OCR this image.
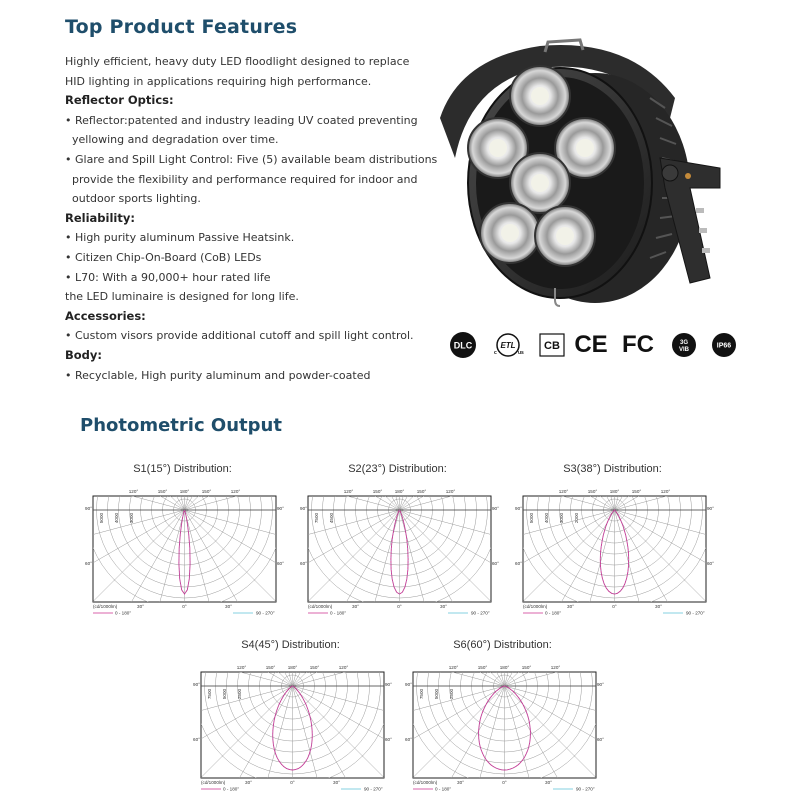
Top Product Features
Highly efficient, heavy duty LED floodlight designed to replace
HID lighting in applications requiring high performance.
Reflector Optics:
• Reflector:patented and industry leading UV coated preventing
yellowing and degradation over time.
• Glare and Spill Light Control: Five (5) available beam distributions
provide the flexibility and performance required for indoor and
outdoor sports lighting.
Reliability:
• High purity aluminum Passive Heatsink.
• Citizen Chip-On-Board (CoB) LEDs
• L70: With a 90,000+ hour rated life
the LED luminaire is designed for long life.
Accessories:
• Custom visors provide additional cutoff and spill light control.
Body:
• Recyclable, High purity aluminum and powder-coated
DLC	ETL
c	us
CB CE FC	3G
VIB
IP66
Photometric Output
S1(15°) Distribution:
120°	150°	180°	150°	120°
5000 4000 3000
90°
60°
90°
60°
30°	0°	30°
(cd/1000lm)
0 - 180°	90 - 270°
S2(23°) Distribution:
120°	150°	180°	150°	120°
7500 4500
90°
60°
90°
60°
30°	0°	30°
(cd/1000lm)
0 - 180°	90 - 270°
S3(38°) Distribution:
120°	150°	180°	150°	120°
5000 4000 3000 2000
90°
60°
90°
60°
30°	0°	30°
(cd/1000lm)
0 - 180°	90 - 270°
S4(45°) Distribution:
120°	150°	180°	150°	120°
7500 5000 2500
90°
60°
90°
60°
30°	0°	30°
(cd/1000lm)
0 - 180°	90 - 270°
S6(60°) Distribution:
120°	150°	180°	150°	120°
7500 5000 2500
90°
60°
90°
60°
30°	0°	30°
(cd/1000lm)
0 - 180°	90 - 270°
